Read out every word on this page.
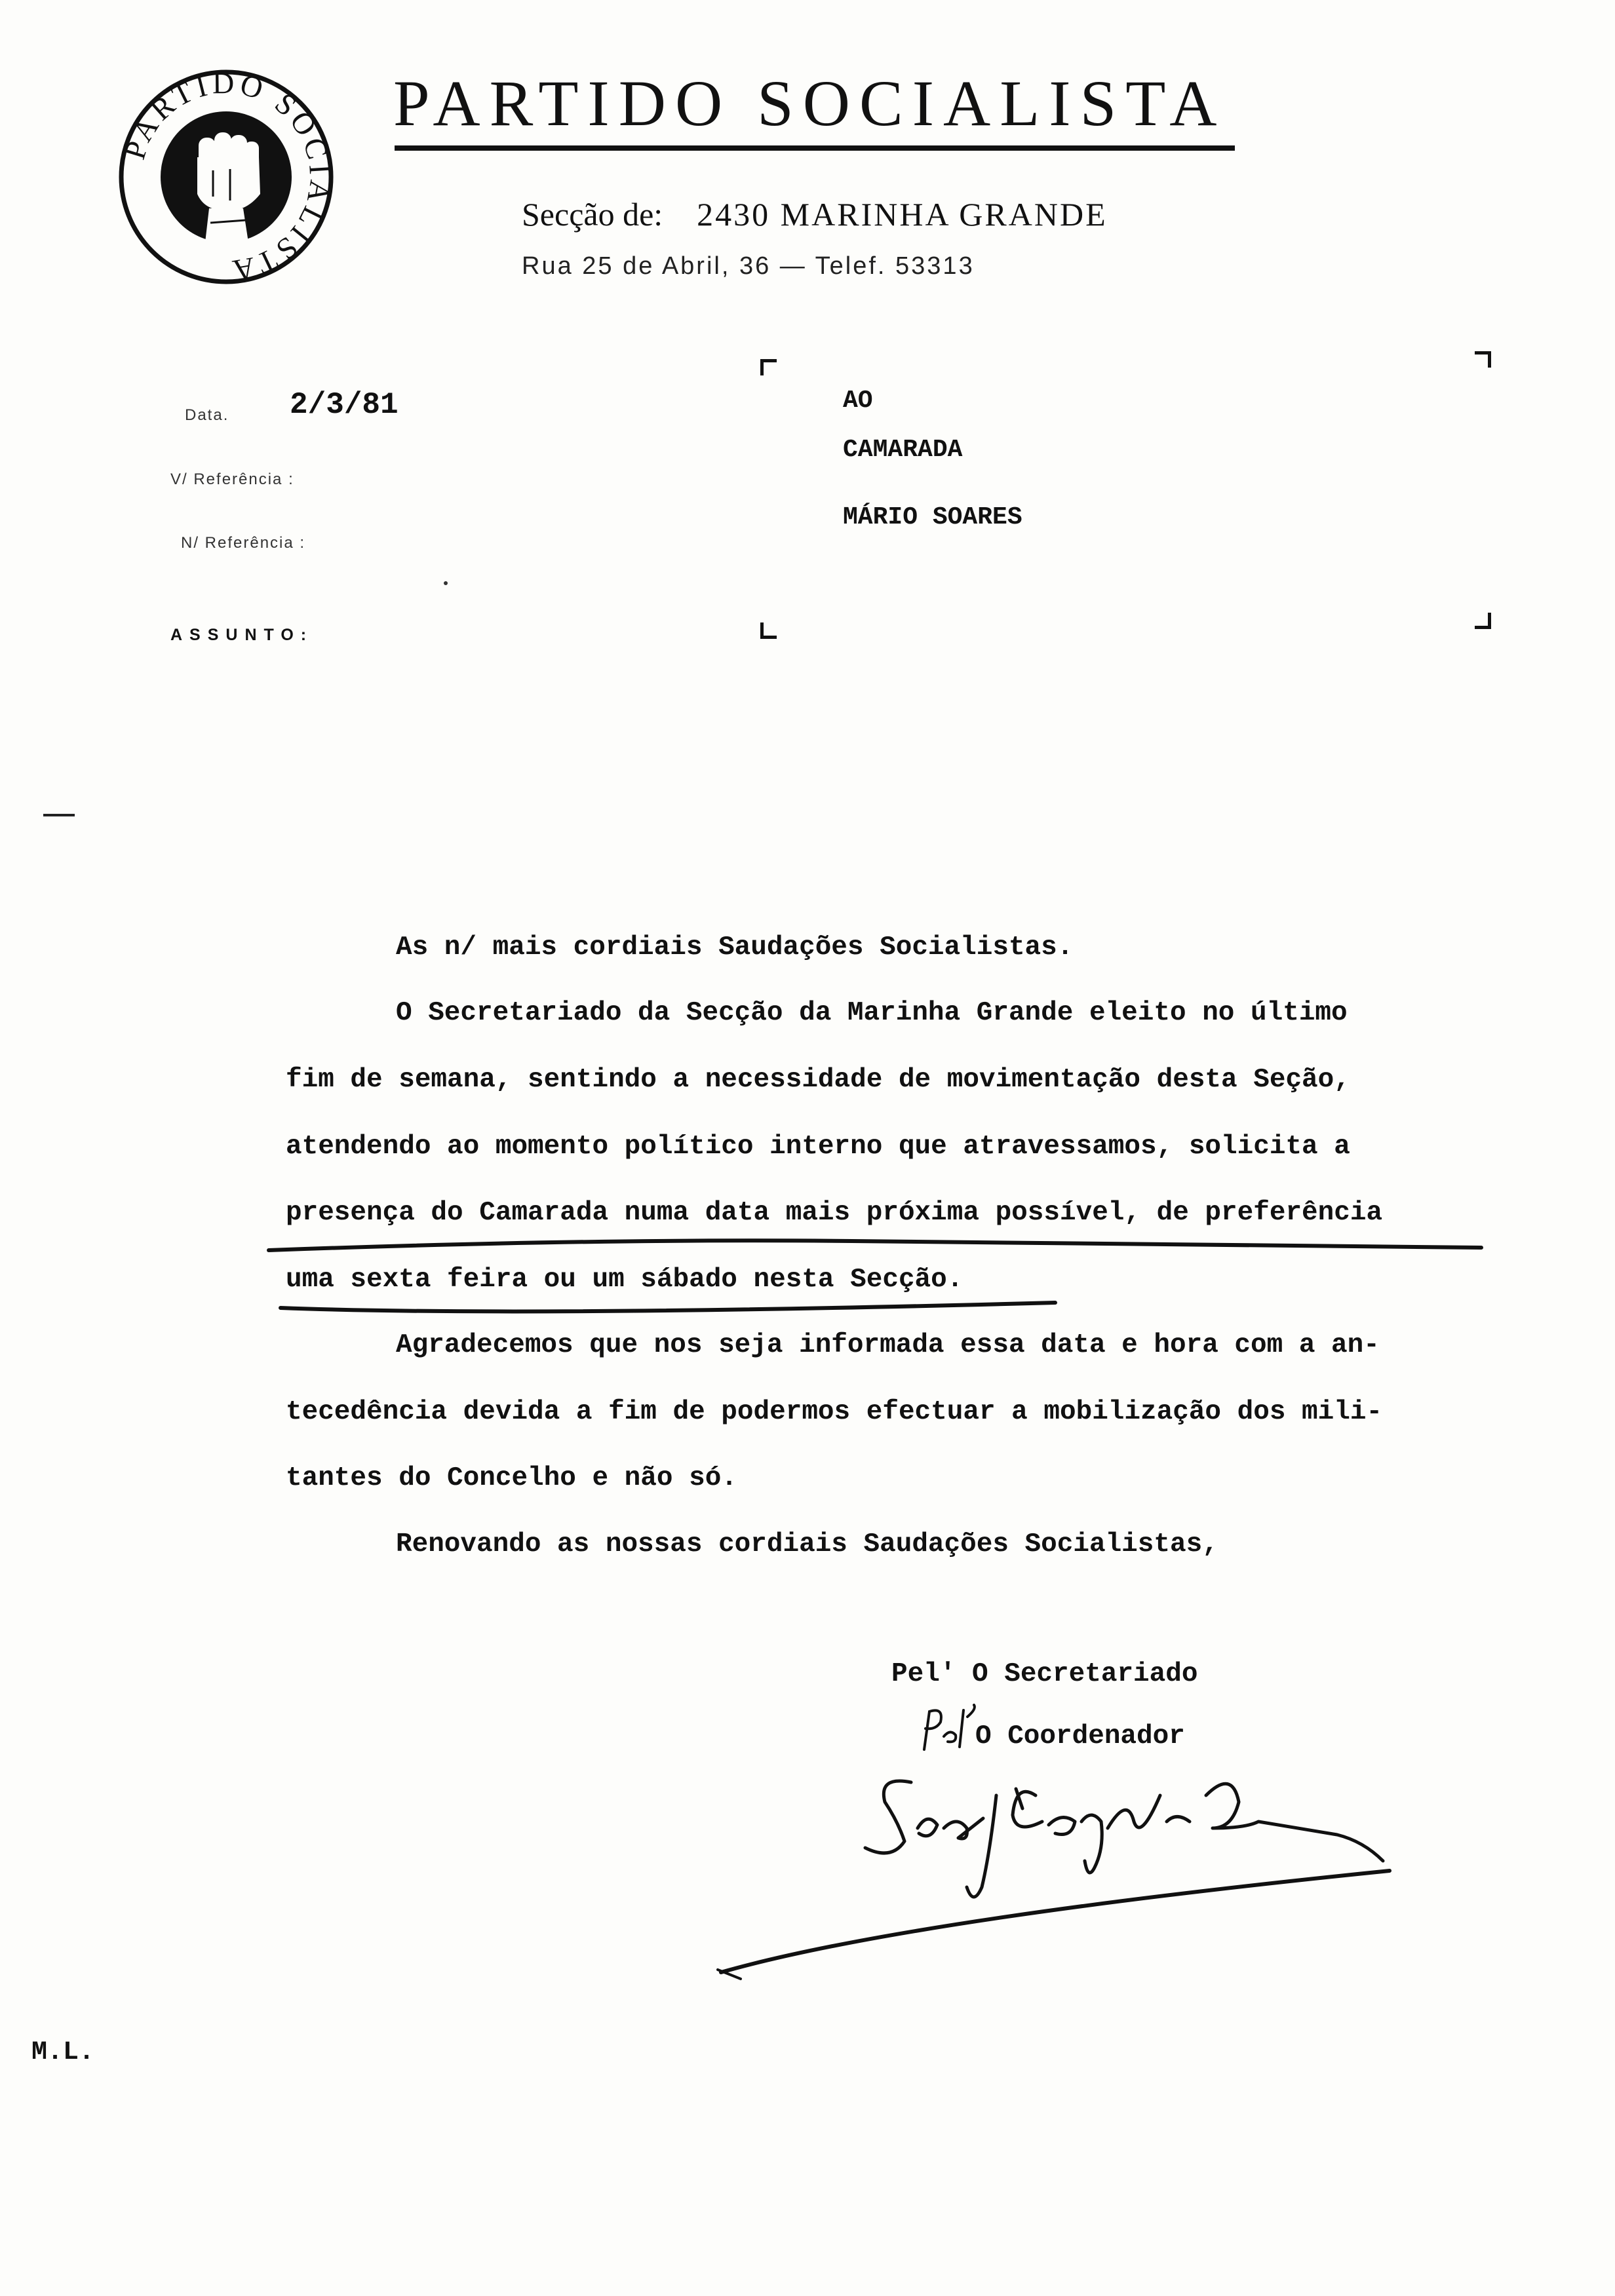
PARTIDO SOCIALISTA
PARTIDO SOCIALISTA
Secção de: 2430 MARINHA GRANDE
Rua 25 de Abril, 36 — Telef. 53313
Data. 2/3/81
V/ Referência :
N/ Referência :
ASSUNTO:
AO
CAMARADA
MÁRIO SOARES
As n/ mais cordiais Saudações Socialistas.
O Secretariado da Secção da Marinha Grande eleito no último
fim de semana, sentindo a necessidade de movimentação desta Seção,
atendendo ao momento político interno que atravessamos, solicita a
presença do Camarada numa data mais próxima possível, de preferência
uma sexta feira ou um sábado nesta Secção.
Agradecemos que nos seja informada essa data e hora com a an-
tecedência devida a fim de podermos efectuar a mobilização dos mili-
tantes do Concelho e não só.
Renovando as nossas cordiais Saudações Socialistas,
Pel' O Secretariado
O Coordenador
M.L.
